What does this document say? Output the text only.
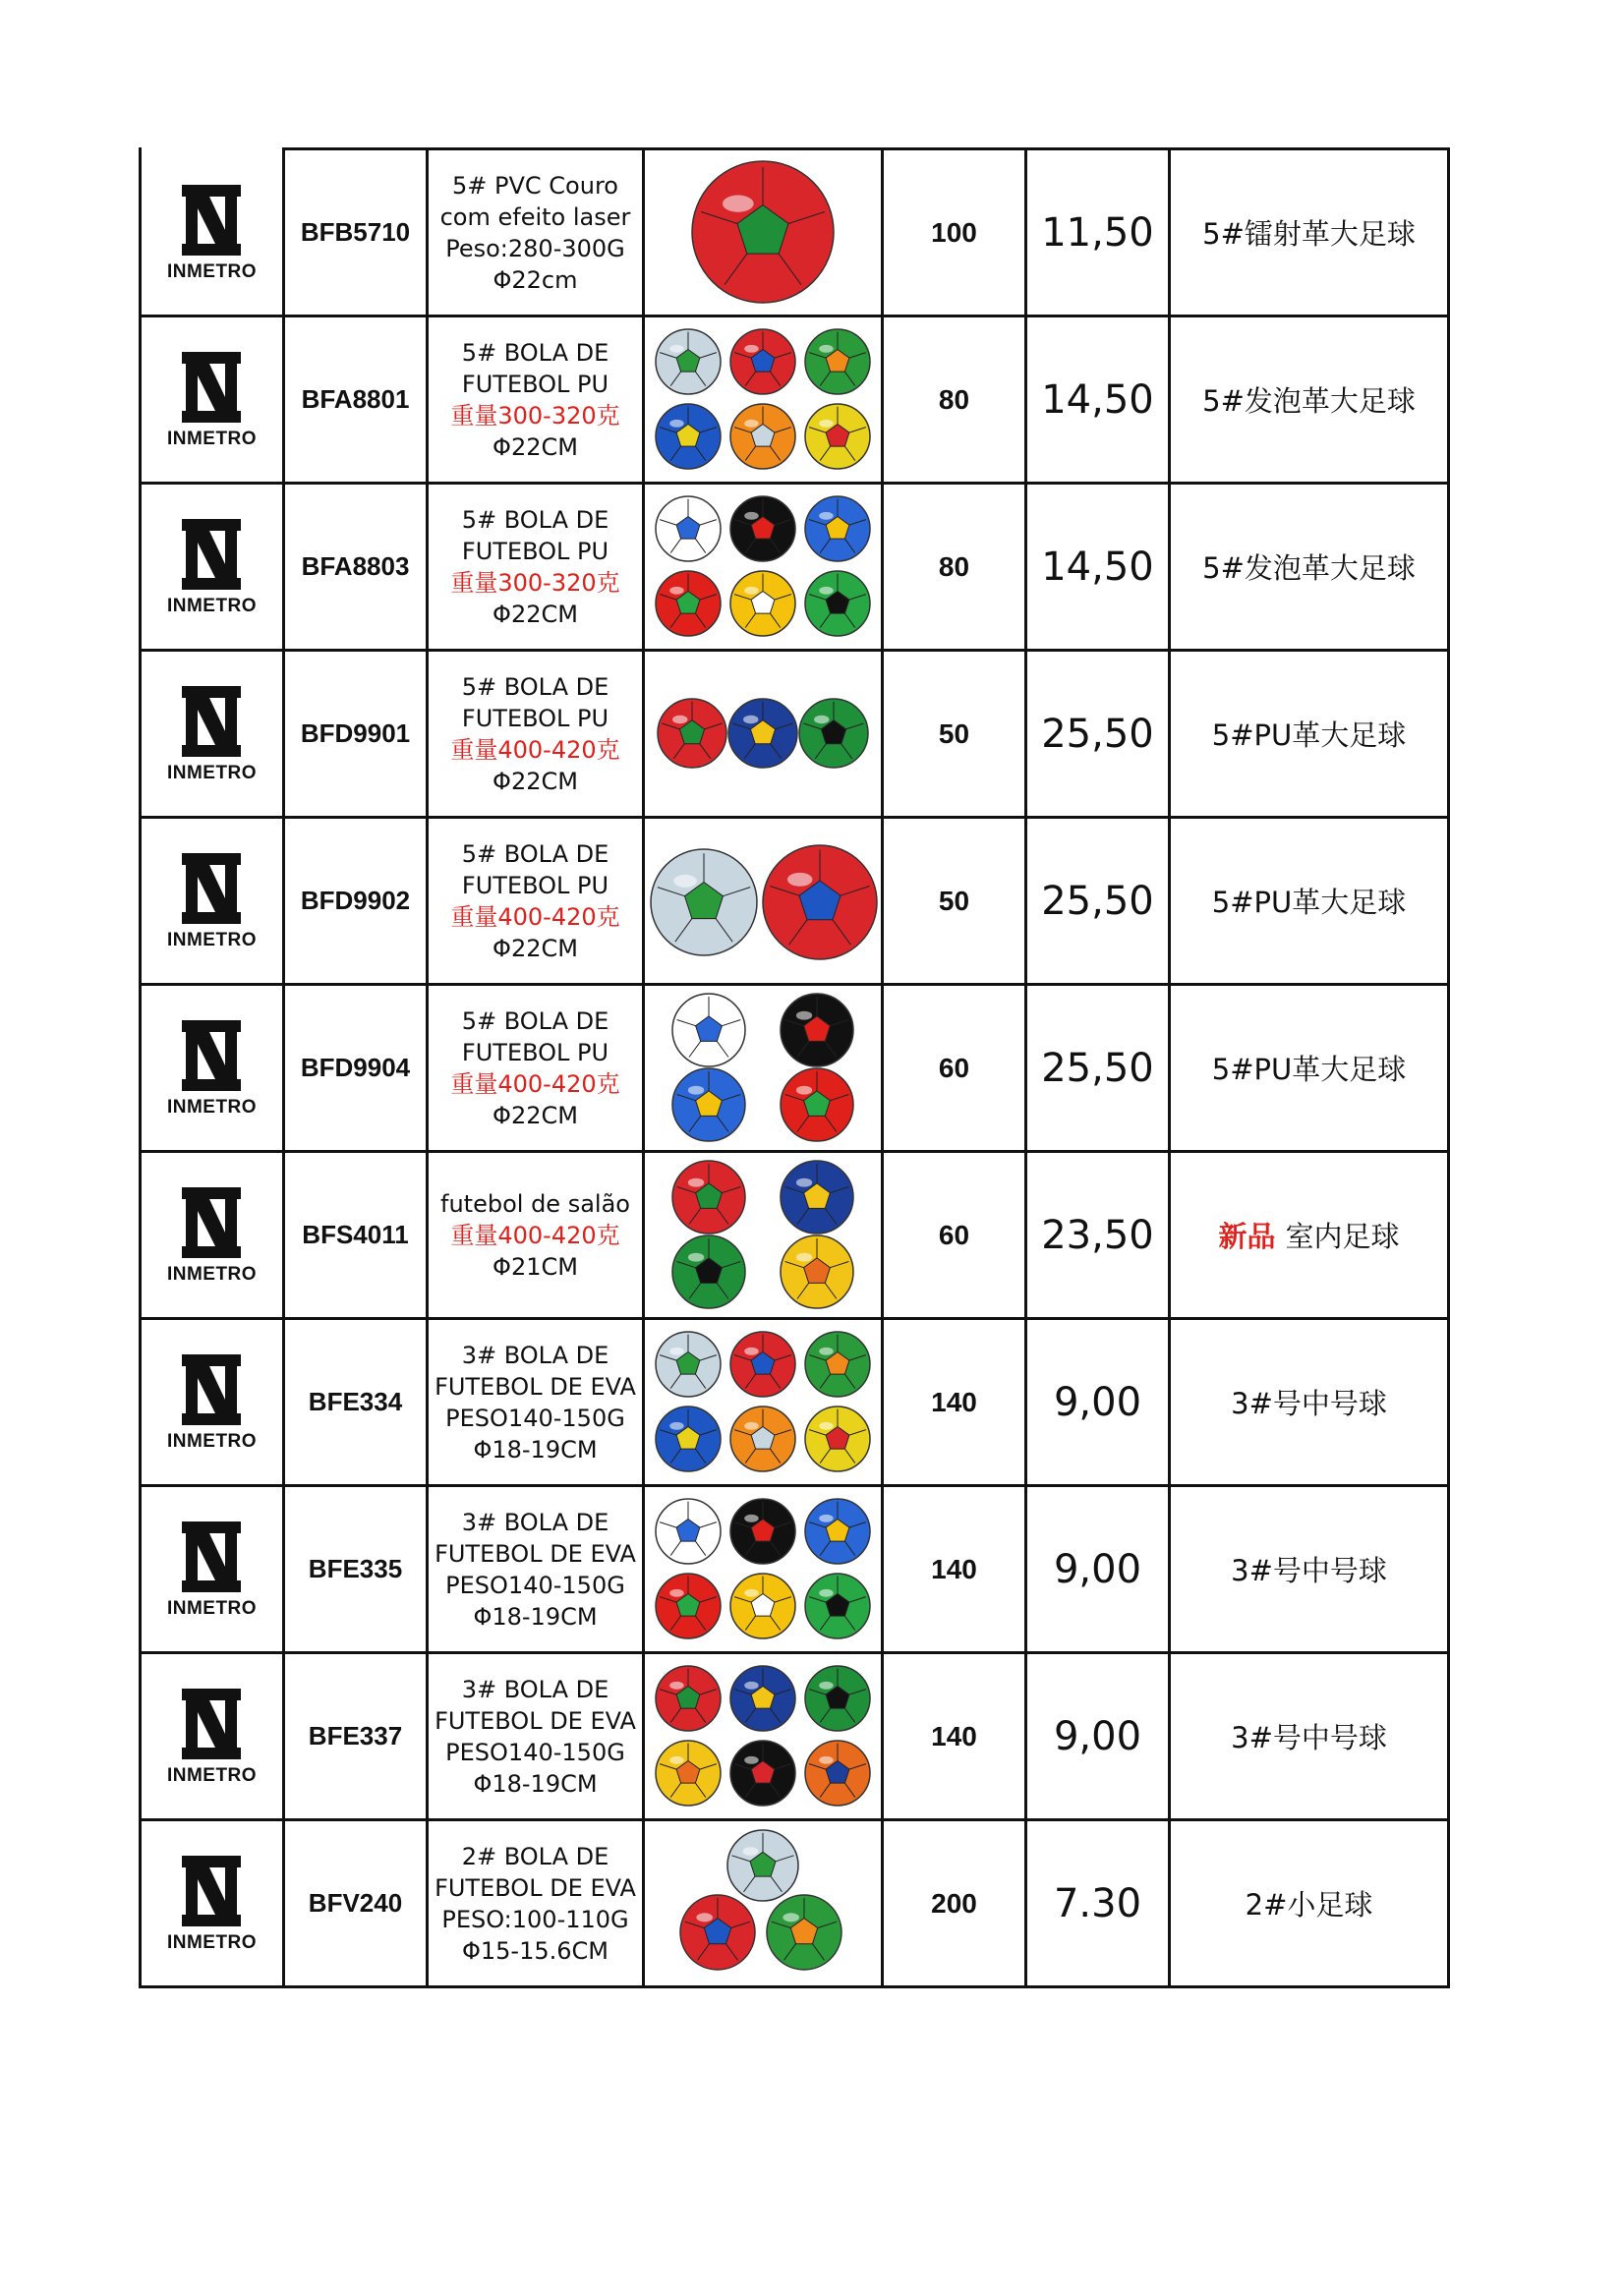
INMETRO	BFB5710	5# PVC Couro
com efeito laser
Peso:280-300G
Φ22cm		100	11,50	5#镭射革大足球

INMETRO	BFA8801	5# BOLA DE
FUTEBOL PU
重量300-320克
Φ22CM		80	14,50	5#发泡革大足球

INMETRO	BFA8803	5# BOLA DE
FUTEBOL PU
重量300-320克
Φ22CM		80	14,50	5#发泡革大足球

INMETRO	BFD9901	5# BOLA DE
FUTEBOL PU
重量400-420克
Φ22CM		50	25,50	5#PU革大足球

INMETRO	BFD9902	5# BOLA DE
FUTEBOL PU
重量400-420克
Φ22CM		50	25,50	5#PU革大足球

INMETRO	BFD9904	5# BOLA DE
FUTEBOL PU
重量400-420克
Φ22CM		60	25,50	5#PU革大足球

INMETRO	BFS4011	futebol de salão
重量400-420克
Φ21CM		60	23,50	新品 室内足球

INMETRO	BFE334	3# BOLA DE
FUTEBOL DE EVA
PESO140-150G
Φ18-19CM		140	9,00	3#号中号球

INMETRO	BFE335	3# BOLA DE
FUTEBOL DE EVA
PESO140-150G
Φ18-19CM		140	9,00	3#号中号球

INMETRO	BFE337	3# BOLA DE
FUTEBOL DE EVA
PESO140-150G
Φ18-19CM		140	9,00	3#号中号球

INMETRO	BFV240	2# BOLA DE
FUTEBOL DE EVA
PESO:100-110G
Φ15-15.6CM		200	7.30	2#小足球
